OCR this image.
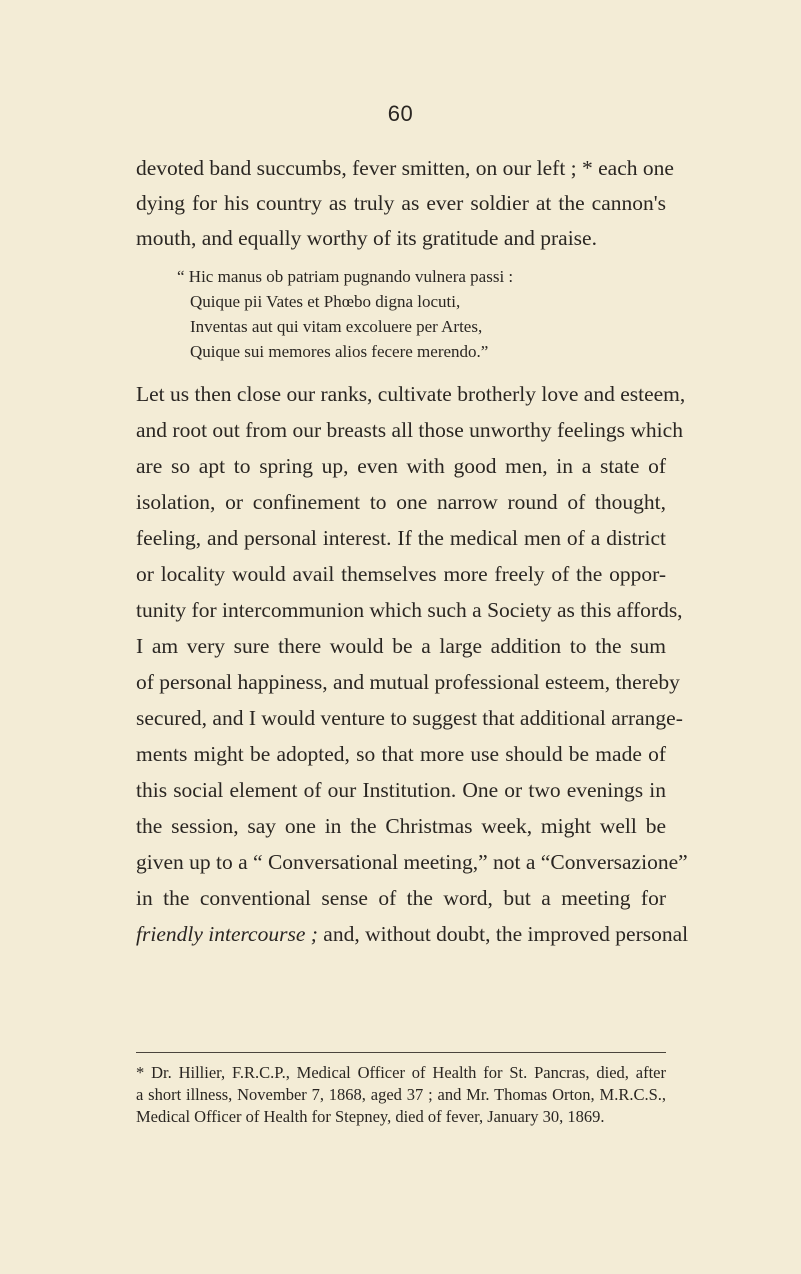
60
devoted band succumbs, fever smitten, on our left ; * each one
dying for his country as truly as ever soldier at the cannon's
mouth, and equally worthy of its gratitude and praise.
“ Hic manus ob patriam pugnando vulnera passi :
Quique pii Vates et Phœbo digna locuti,
Inventas aut qui vitam excoluere per Artes,
Quique sui memores alios fecere merendo.”
Let us then close our ranks, cultivate brotherly love and esteem,
and root out from our breasts all those unworthy feelings which
are so apt to spring up, even with good men, in a state of
isolation, or confinement to one narrow round of thought,
feeling, and personal interest. If the medical men of a district
or locality would avail themselves more freely of the oppor-
tunity for intercommunion which such a Society as this affords,
I am very sure there would be a large addition to the sum
of personal happiness, and mutual professional esteem, thereby
secured, and I would venture to suggest that additional arrange-
ments might be adopted, so that more use should be made of
this social element of our Institution. One or two evenings in
the session, say one in the Christmas week, might well be
given up to a “ Conversational meeting,” not a “Conversazione”
in the conventional sense of the word, but a meeting for
friendly intercourse ; and, without doubt, the improved personal
* Dr. Hillier, F.R.C.P., Medical Officer of Health for St. Pancras, died, after
a short illness, November 7, 1868, aged 37 ; and Mr. Thomas Orton, M.R.C.S.,
Medical Officer of Health for Stepney, died of fever, January 30, 1869.
